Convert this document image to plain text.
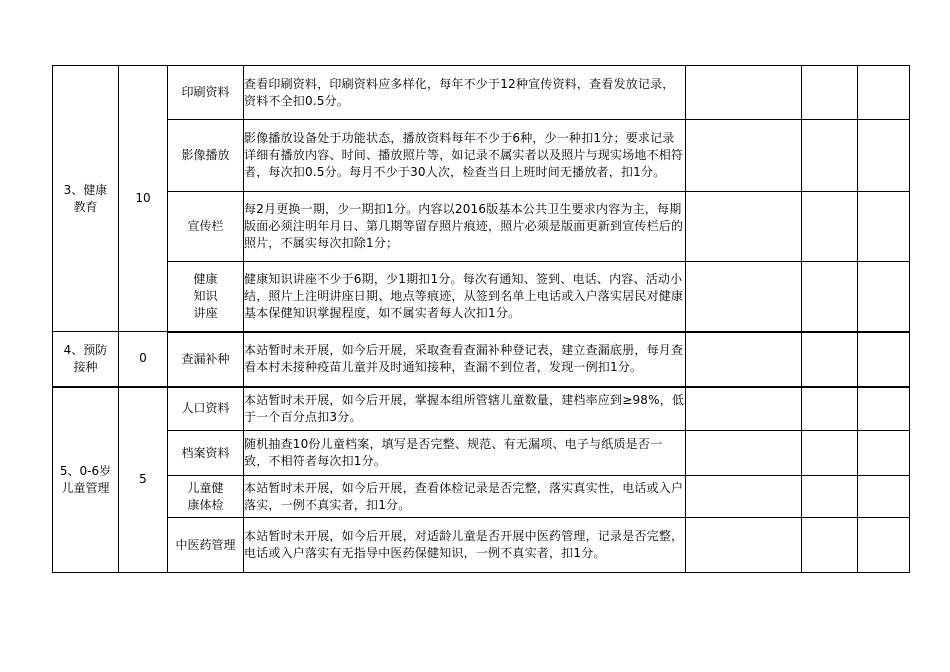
3、健康
教育	10	印刷资料	查看印刷资料，印刷资料应多样化，每年不少于12种宣传资料，查看发放记录，资料不全扣0.5分。			
		影像播放	影像播放设备处于功能状态，播放资料每年不少于6种，少一种扣1分；要求记录详细有播放内容、时间、播放照片等，如记录不属实者以及照片与现实场地不相符者，每次扣0.5分。每月不少于30人次，检查当日上班时间无播放者，扣1分。			
		宣传栏	每2月更换一期，少一期扣1分。内容以2016版基本公共卫生要求内容为主，每期版面必须注明年月日、第几期等留存照片痕迹，照片必须是版面更新到宣传栏后的照片，不属实每次扣除1分；			
		健康
知识
讲座	健康知识讲座不少于6期，少1期扣1分。每次有通知、签到、电话、内容、活动小结，照片上注明讲座日期、地点等痕迹，从签到名单上电话或入户落实居民对健康基本保健知识掌握程度，如不属实者每人次扣1分。			
4、预防
接种	0	查漏补种	本站暂时未开展，如今后开展，采取查看查漏补种登记表，建立查漏底册，每月查看本村未接种疫苗儿童并及时通知接种，查漏不到位者，发现一例扣1分。			
5、0-6岁
儿童管理	5	人口资料	本站暂时未开展，如今后开展，掌握本组所管辖儿童数量，建档率应到≥98%，低于一个百分点扣3分。			
		档案资料	随机抽查10份儿童档案，填写是否完整、规范、有无漏项、电子与纸质是否一致，不相符者每次扣1分。			
		儿童健
康体检	本站暂时未开展，如今后开展，查看体检记录是否完整，落实真实性，电话或入户落实，一例不真实者，扣1分。			
		中医药管理	本站暂时未开展，如今后开展，对适龄儿童是否开展中医药管理，记录是否完整，电话或入户落实有无指导中医药保健知识，一例不真实者，扣1分。			
